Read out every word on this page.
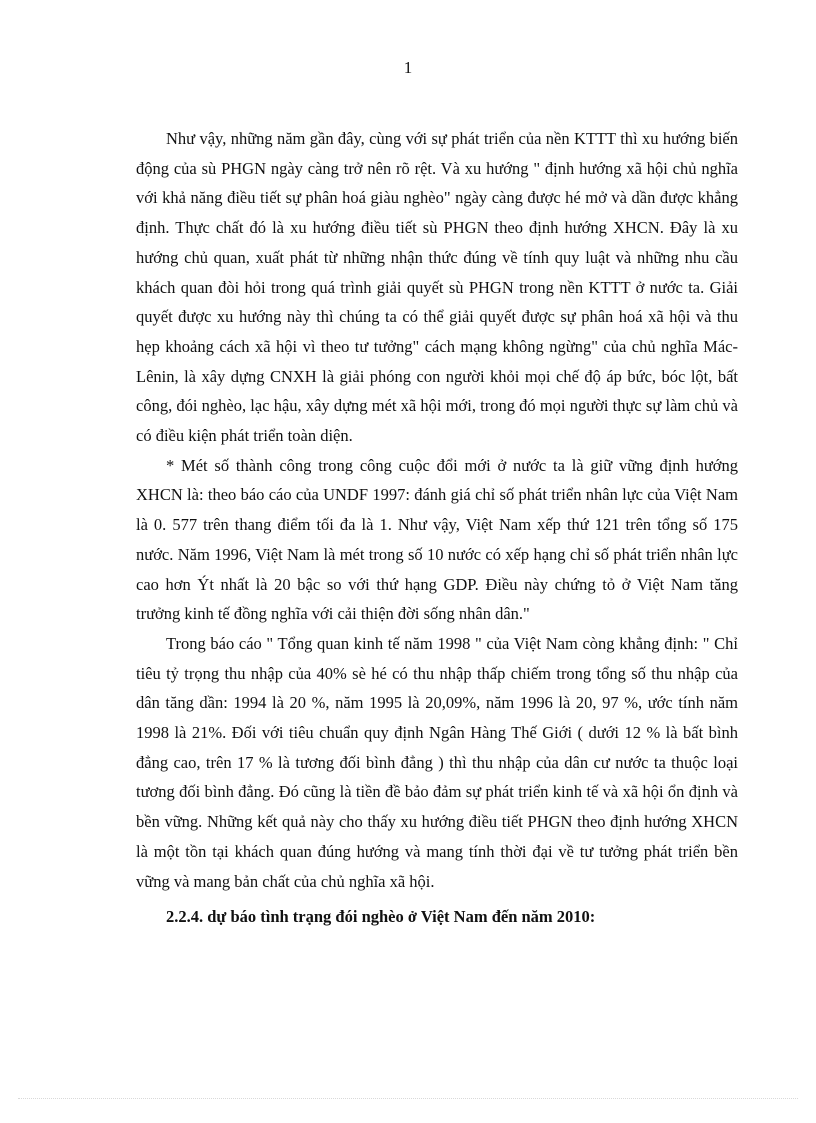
1

Như vậy, những năm gần đây, cùng với sự phát triển của nền KTTT thì xu hướng biến động của sù PHGN ngày càng trở nên rõ rệt. Và xu hướng " định hướng xã hội chủ nghĩa với khả năng điều tiết sự phân hoá giàu nghèo" ngày càng được hé mở và dần được khẳng định. Thực chất đó là xu hướng điều tiết sù PHGN theo định hướng XHCN. Đây là xu hướng chủ quan, xuất phát từ những nhận thức đúng về tính quy luật và những nhu cầu khách quan đòi hỏi trong quá trình giải quyết sù PHGN trong nền KTTT ở nước ta. Giải quyết được xu hướng này thì chúng ta có thể giải quyết được sự phân hoá xã hội và thu hẹp khoảng cách xã hội vì theo tư tưởng" cách mạng không ngừng" của chủ nghĩa Mác-Lênin, là xây dựng CNXH là giải phóng con người khỏi mọi chế độ áp bức, bóc lột, bất công, đói nghèo, lạc hậu, xây dựng mét xã hội mới, trong đó mọi người thực sự làm chủ và có điều kiện phát triển toàn diện.

* Mét số thành công trong công cuộc đổi mới ở nước ta là giữ vững định hướng XHCN là: theo báo cáo của UNDF 1997: đánh giá chỉ số phát triển nhân lực của Việt Nam là 0. 577 trên thang điểm tối đa là 1. Như vậy, Việt Nam xếp thứ 121 trên tổng số 175 nước. Năm 1996, Việt Nam là mét trong số 10 nước có xếp hạng chỉ số phát triển nhân lực cao hơn Ýt nhất là 20 bậc so với thứ hạng GDP. Điều này chứng tỏ ở Việt Nam tăng trưởng kinh tế đồng nghĩa với cải thiện đời sống nhân dân."

Trong báo cáo " Tổng quan kinh tế năm 1998 " của Việt Nam còng khẳng định: " Chỉ tiêu tỷ trọng thu nhập của 40% sè hé có thu nhập thấp chiếm trong tổng số thu nhập của dân tăng dần: 1994 là 20 %, năm 1995 là 20,09%, năm 1996 là 20, 97 %, ước tính năm 1998 là 21%. Đối với tiêu chuẩn quy định Ngân Hàng Thế Giới ( dưới 12 % là bất bình đẳng cao, trên 17 % là tương đối bình đẳng ) thì thu nhập của dân cư nước ta thuộc loại tương đối bình đẳng. Đó cũng là tiền đề bảo đảm sự phát triển kinh tế và xã hội ổn định và bền vững. Những kết quả này cho thấy xu hướng điều tiết PHGN theo định hướng XHCN là một tồn tại khách quan đúng hướng và mang tính thời đại về tư tưởng phát triển bền vững và mang bản chất của chủ nghĩa xã hội.

2.2.4. dự báo tình trạng đói nghèo ở Việt Nam đến năm 2010:
